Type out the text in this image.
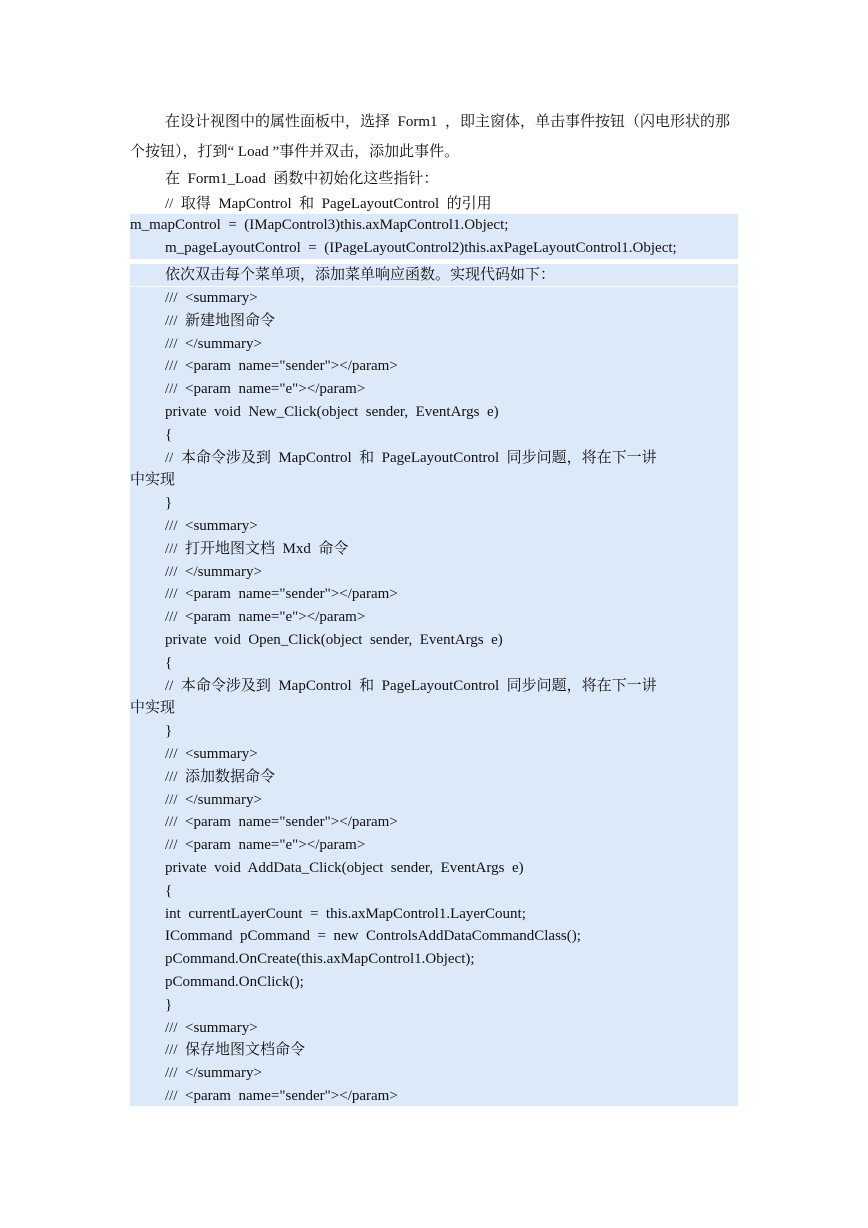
在设计视图中的属性面板中，选择  Form1  ，即主窗体，单击事件按钮（闪电形状的那
个按钮），打到“ Load ”事件并双击，添加此事件。
在  Form1_Load  函数中初始化这些指针：
//  取得  MapControl  和  PageLayoutControl  的引用
m_mapControl  =  (IMapControl3)this.axMapControl1.Object;
m_pageLayoutControl  =  (IPageLayoutControl2)this.axPageLayoutControl1.Object;
依次双击每个菜单项，添加菜单响应函数。实现代码如下：
///  <summary>
///  新建地图命令
///  </summary>
///  <param  name="sender"></param>
///  <param  name="e"></param>
private  void  New_Click(object  sender,  EventArgs  e)
{
//  本命令涉及到  MapControl  和  PageLayoutControl  同步问题，将在下一讲
中实现
}
///  <summary>
///  打开地图文档  Mxd  命令
///  </summary>
///  <param  name="sender"></param>
///  <param  name="e"></param>
private  void  Open_Click(object  sender,  EventArgs  e)
{
//  本命令涉及到  MapControl  和  PageLayoutControl  同步问题，将在下一讲
中实现
}
///  <summary>
///  添加数据命令
///  </summary>
///  <param  name="sender"></param>
///  <param  name="e"></param>
private  void  AddData_Click(object  sender,  EventArgs  e)
{
int  currentLayerCount  =  this.axMapControl1.LayerCount;
ICommand  pCommand  =  new  ControlsAddDataCommandClass();
pCommand.OnCreate(this.axMapControl1.Object);
pCommand.OnClick();
}
///  <summary>
///  保存地图文档命令
///  </summary>
///  <param  name="sender"></param>
